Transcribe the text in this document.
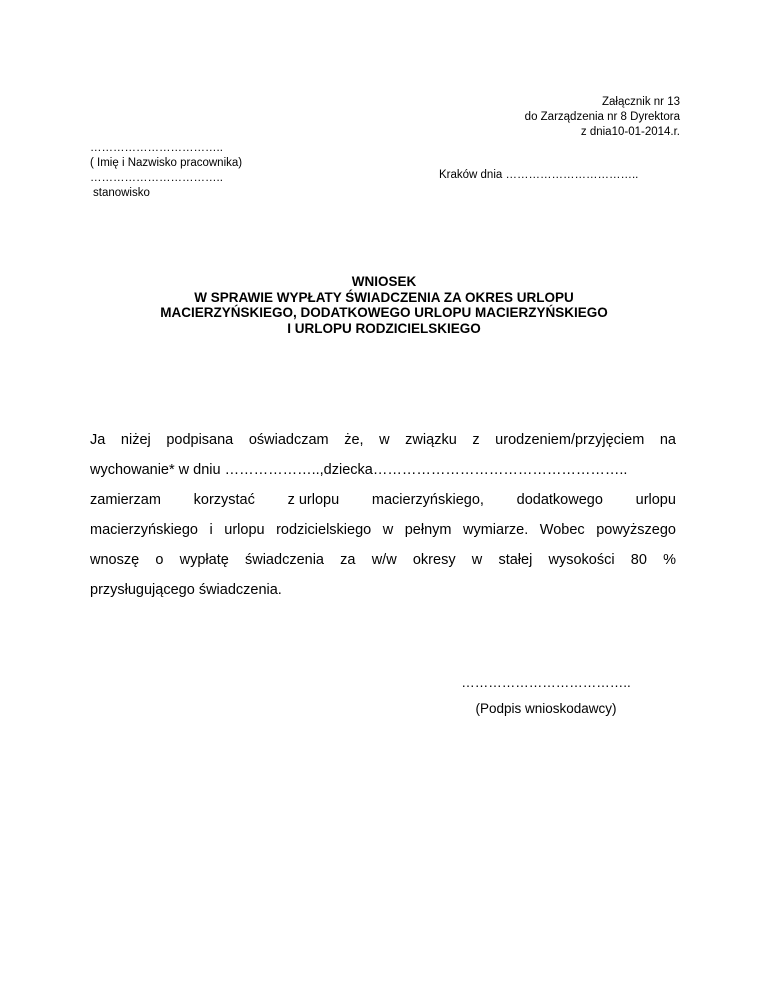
Załącznik nr 13
do Zarządzenia nr 8 Dyrektora
z dnia10-01-2014.r.
……………………………..
( Imię i Nazwisko pracownika)
……………………………..
stanowisko
Kraków dnia ……………………………..
WNIOSEK
W SPRAWIE WYPŁATY ŚWIADCZENIA ZA OKRES URLOPU
MACIERZYŃSKIEGO, DODATKOWEGO URLOPU MACIERZYŃSKIEGO
I URLOPU RODZICIELSKIEGO
Ja niżej podpisana oświadczam że, w związku z urodzeniem/przyjęciem na
wychowanie* w dniu ………………..,dziecka……………………………………………..
zamierzam korzystać z urlopu macierzyńskiego, dodatkowego urlopu
macierzyńskiego i urlopu rodzicielskiego w pełnym wymiarze. Wobec powyższego
wnoszę o wypłatę świadczenia za w/w okresy w stałej wysokości 80 %
przysługującego świadczenia.
………………………………..
(Podpis wnioskodawcy)
